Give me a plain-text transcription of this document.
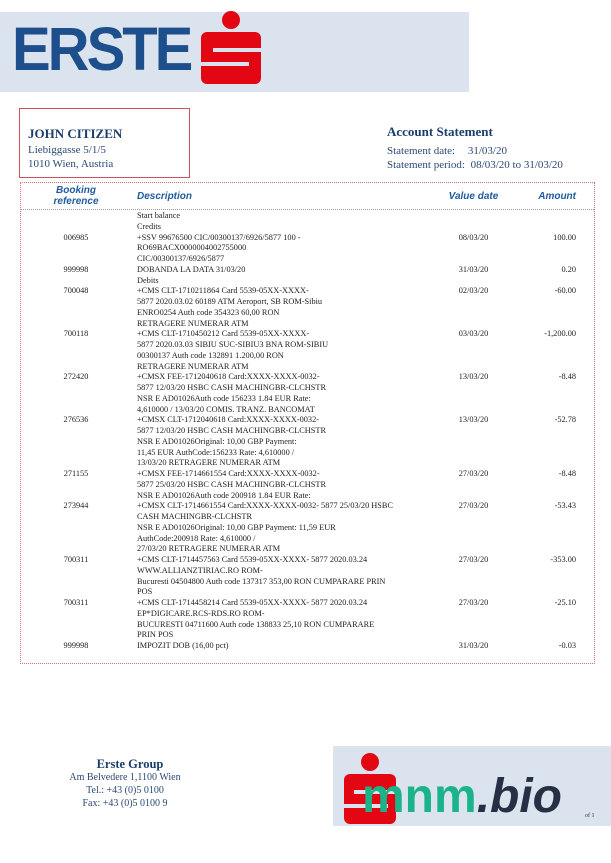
ERSTE
JOHN CITIZEN
Liebiggasse 5/1/5
1010 Wien, Austria
Account Statement
Statement date: 31/03/20
Statement period: 08/03/20 to 31/03/20
Booking
reference	Description	Value date	Amount
Start balance
Credits
006985	+SSV 99676500 CIC/00300137/6926/5877 100 -
RO69BACX0000004002755000
CIC/00300137/6926/5877
08/03/20	100.00
999998	DOBANDA LA DATA 31/03/20	31/03/20	0.20
Debits
700048	+CMS CLT-1710211864 Card 5539-05XX-XXXX-
5877 2020.03.02 60189 ATM Aeroport, SB ROM-Sibiu
ENRO0254 Auth code 354323 60,00 RON
RETRAGERE NUMERAR ATM
02/03/20	-60.00
700118	+CMS CLT-1710450212 Card 5539-05XX-XXXX-
5877 2020.03.03 SIBIU SUC-SIBIU3 BNA ROM-SIBIU
00300137 Auth code 132891 1.200,00 RON
RETRAGERE NUMERAR ATM
03/03/20	-1,200.00
272420	+CMSX FEE-1712040618 Card:XXXX-XXXX-0032-
5877 12/03/20 HSBC CASH MACHINGBR-CLCHSTR
NSR E AD01026Auth code 156233 1.84 EUR Rate:
4,610000 / 13/03/20 COMIS. TRANZ. BANCOMAT
13/03/20	-8.48
276536	+CMSX CLT-1712040618 Card:XXXX-XXXX-0032-
5877 12/03/20 HSBC CASH MACHINGBR-CLCHSTR
NSR E AD01026Original: 10,00 GBP Payment:
11,45 EUR AuthCode:156233 Rate: 4,610000 /
13/03/20 RETRAGERE NUMERAR ATM
13/03/20	-52.78
271155	+CMSX FEE-1714661554 Card:XXXX-XXXX-0032-
5877 25/03/20 HSBC CASH MACHINGBR-CLCHSTR
NSR E AD01026Auth code 200918 1.84 EUR Rate:
27/03/20	-8.48
273944	+CMSX CLT-1714661554 Card:XXXX-XXXX-0032- 5877 25/03/20 HSBC
CASH MACHINGBR-CLCHSTR
NSR E AD01026Original: 10,00 GBP Payment: 11,59 EUR
AuthCode:200918 Rate: 4,610000 /
27/03/20 RETRAGERE NUMERAR ATM
27/03/20	-53.43
700311	+CMS CLT-1714457563 Card 5539-05XX-XXXX- 5877 2020.03.24
WWW.ALLIANZTIRIAC.RO ROM-
Bucuresti 04504800 Auth code 137317 353,00 RON CUMPARARE PRIN
POS
27/03/20	-353.00
700311	+CMS CLT-1714458214 Card 5539-05XX-XXXX- 5877 2020.03.24
EP*DIGICARE.RCS-RDS.RO ROM-
BUCURESTI 04711600 Auth code 138833 25,10 RON CUMPARARE
PRIN POS
27/03/20	-25.10
999998	IMPOZIT DOB (16,00 pct)	31/03/20	-0.03
Erste Group
Am Belvedere 1,1100 Wien
Tel.: +43 (0)5 0100
Fax: +43 (0)5 0100 9	mnm.bio	of 1
